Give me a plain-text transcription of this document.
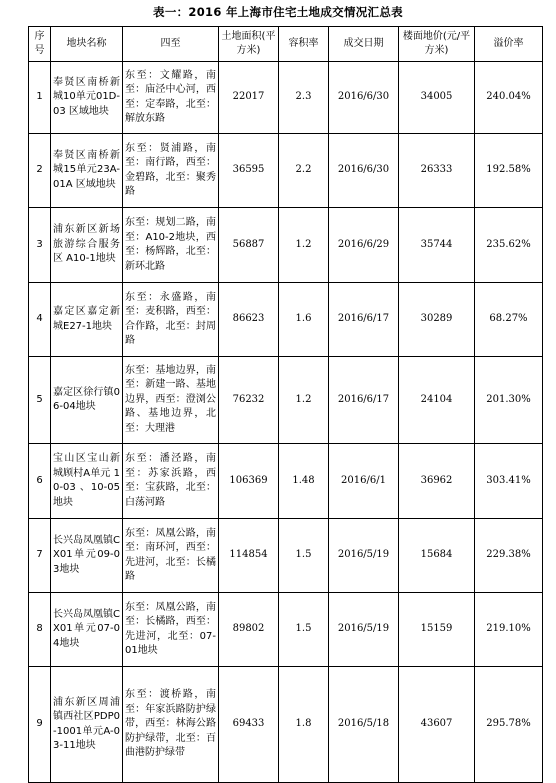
表一：2016 年上海市住宅土地成交情况汇总表
序号	地块名称	四至	土地面积(平方米)	容积率	成交日期	楼面地价(元/平方米)	溢价率
1	奉贤区南桥新城10单元01D-03 区域地块	东至：文耀路，南至：庙泾中心河，西至：定奉路，北至：解放东路	22017	2.3	2016/6/30	34005	240.04%
2	奉贤区南桥新城15单元23A-01A 区域地块	东至：贤浦路，南至：南行路，西至：金碧路，北至：聚秀路	36595	2.2	2016/6/30	26333	192.58%
3	浦东新区新场旅游综合服务区 A10-1地块	东至：规划二路，南至：A10-2地块，西至：杨辉路，北至：新环北路	56887	1.2	2016/6/29	35744	235.62%
4	嘉定区嘉定新城E27-1地块	东至：永盛路，南至：麦积路，西至：合作路，北至：封周路	86623	1.6	2016/6/17	30289	68.27%
5	嘉定区徐行镇06-04地块	东至：基地边界，南至：新建一路、基地边界，西至：澄浏公路、基地边界，北至：大理港	76232	1.2	2016/6/17	24104	201.30%
6	宝山区宝山新城顾村A单元 10-03 、10-05地块	东至：潘泾路，南至：苏家浜路，西至：宝荻路，北至：白荡河路	106369	1.48	2016/6/1	36962	303.41%
7	长兴岛凤凰镇CX01单元09-03地块	东至：凤凰公路，南至：南环河，西至：先进河，北至：长橘路	114854	1.5	2016/5/19	15684	229.38%
8	长兴岛凤凰镇CX01单元07-04地块	东至：凤凰公路，南至：长橘路，西至：先进河，北至：07-01地块	89802	1.5	2016/5/19	15159	219.10%
9	浦东新区周浦镇西社区PDP0-1001单元A-03-11地块	东至：渡桥路，南至：年家浜路防护绿带，西至：林海公路防护绿带，北至：百曲港防护绿带	69433	1.8	2016/5/18	43607	295.78%
